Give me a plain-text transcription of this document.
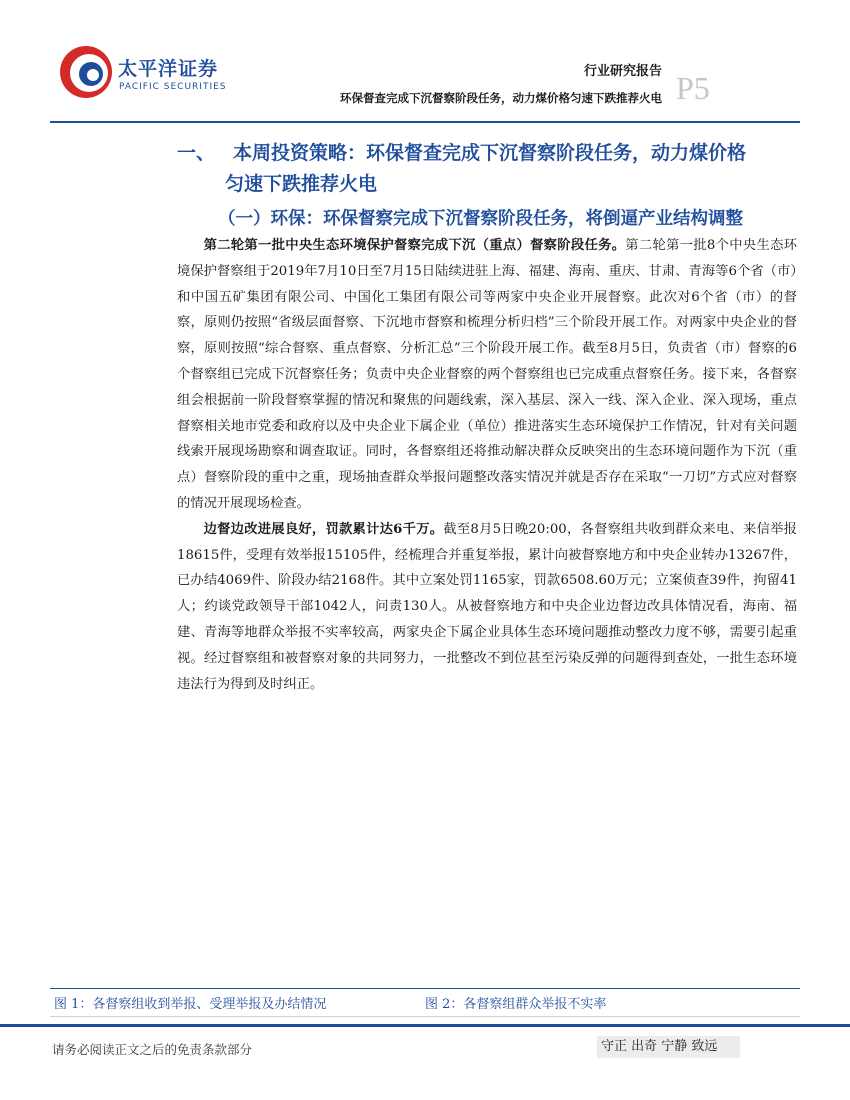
太平洋证券
PACIFIC SECURITIES
行业研究报告
环保督查完成下沉督察阶段任务，动力煤价格匀速下跌推荐火电 P5
一、 本周投资策略：环保督查完成下沉督察阶段任务，动力煤价格
匀速下跌推荐火电
（一）环保：环保督察完成下沉督察阶段任务，将倒逼产业结构调整

第二轮第一批中央生态环境保护督察完成下沉（重点）督察阶段任务。第二轮第一批8个中央生态环境保护督察组于2019年7月10日至7月15日陆续进驻上海、福建、海南、重庆、甘肃、青海等6个省（市）和中国五矿集团有限公司、中国化工集团有限公司等两家中央企业开展督察。此次对6个省（市）的督察，原则仍按照“省级层面督察、下沉地市督察和梳理分析归档”三个阶段开展工作。对两家中央企业的督察，原则按照“综合督察、重点督察、分析汇总”三个阶段开展工作。截至8月5日，负责省（市）督察的6个督察组已完成下沉督察任务；负责中央企业督察的两个督察组也已完成重点督察任务。接下来，各督察组会根据前一阶段督察掌握的情况和聚焦的问题线索，深入基层、深入一线、深入企业、深入现场，重点督察相关地市党委和政府以及中央企业下属企业（单位）推进落实生态环境保护工作情况，针对有关问题线索开展现场勘察和调查取证。同时，各督察组还将推动解决群众反映突出的生态环境问题作为下沉（重点）督察阶段的重中之重，现场抽查群众举报问题整改落实情况并就是否存在采取“一刀切”方式应对督察的情况开展现场检查。

边督边改进展良好，罚款累计达6千万。截至8月5日晚20:00，各督察组共收到群众来电、来信举报18615件，受理有效举报15105件，经梳理合并重复举报，累计向被督察地方和中央企业转办13267件，已办结4069件、阶段办结2168件。其中立案处罚1165家，罚款6508.60万元；立案侦查39件，拘留41人；约谈党政领导干部1042人，问责130人。从被督察地方和中央企业边督边改具体情况看，海南、福建、青海等地群众举报不实率较高，两家央企下属企业具体生态环境问题推动整改力度不够，需要引起重视。经过督察组和被督察对象的共同努力，一批整改不到位甚至污染反弹的问题得到查处，一批生态环境违法行为得到及时纠正。

图 1：各督察组收到举报、受理举报及办结情况	图 2：各督察组群众举报不实率
请务必阅读正文之后的免责条款部分	守正 出奇 宁静 致远
